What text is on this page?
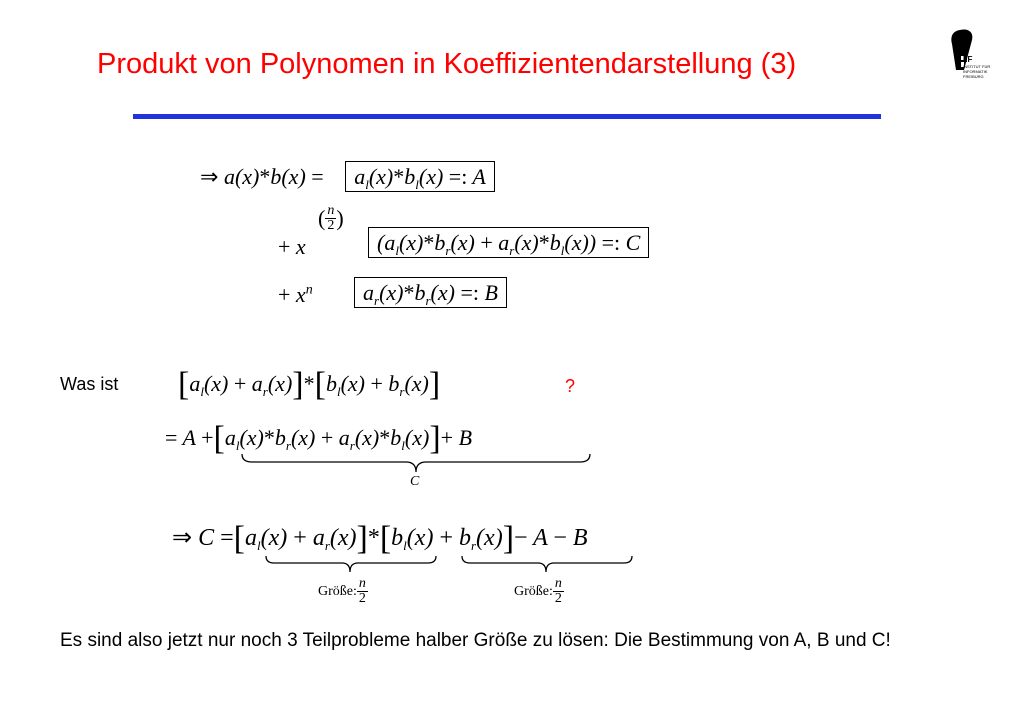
Produkt von Polynomen in Koeffizientendarstellung (3)	IIF
INSTITUT FÜR
INFORMATIK
FREIBURG
⇒ $a(x)*b(x) = a_l(x)*b_l(x)$ =: A
+ x
( $\frac{n}{2}$ )
$(a_l(x)*b_r(x) + a_r(x)*b_l(x))$ =: C
+ $x^n$	$a_r(x)*b_r(x)$ =: B
Was ist $[a_l(x) + a_r(x)]*[b_l(x) + b_r(x)]$	?
= $A +[a_l(x)*b_r(x) + a_r(x)*b_l(x)]+ B$
C
⇒ $C =[a_l(x) + a_r(x)]*[b_l(x) + b_r(x)]- A - B$
Größe: $\frac{n}{2}$	Größe: $\frac{n}{2}$
Es sind also jetzt nur noch 3 Teilprobleme halber Größe zu lösen: Die Bestimmung von A, B und C!
